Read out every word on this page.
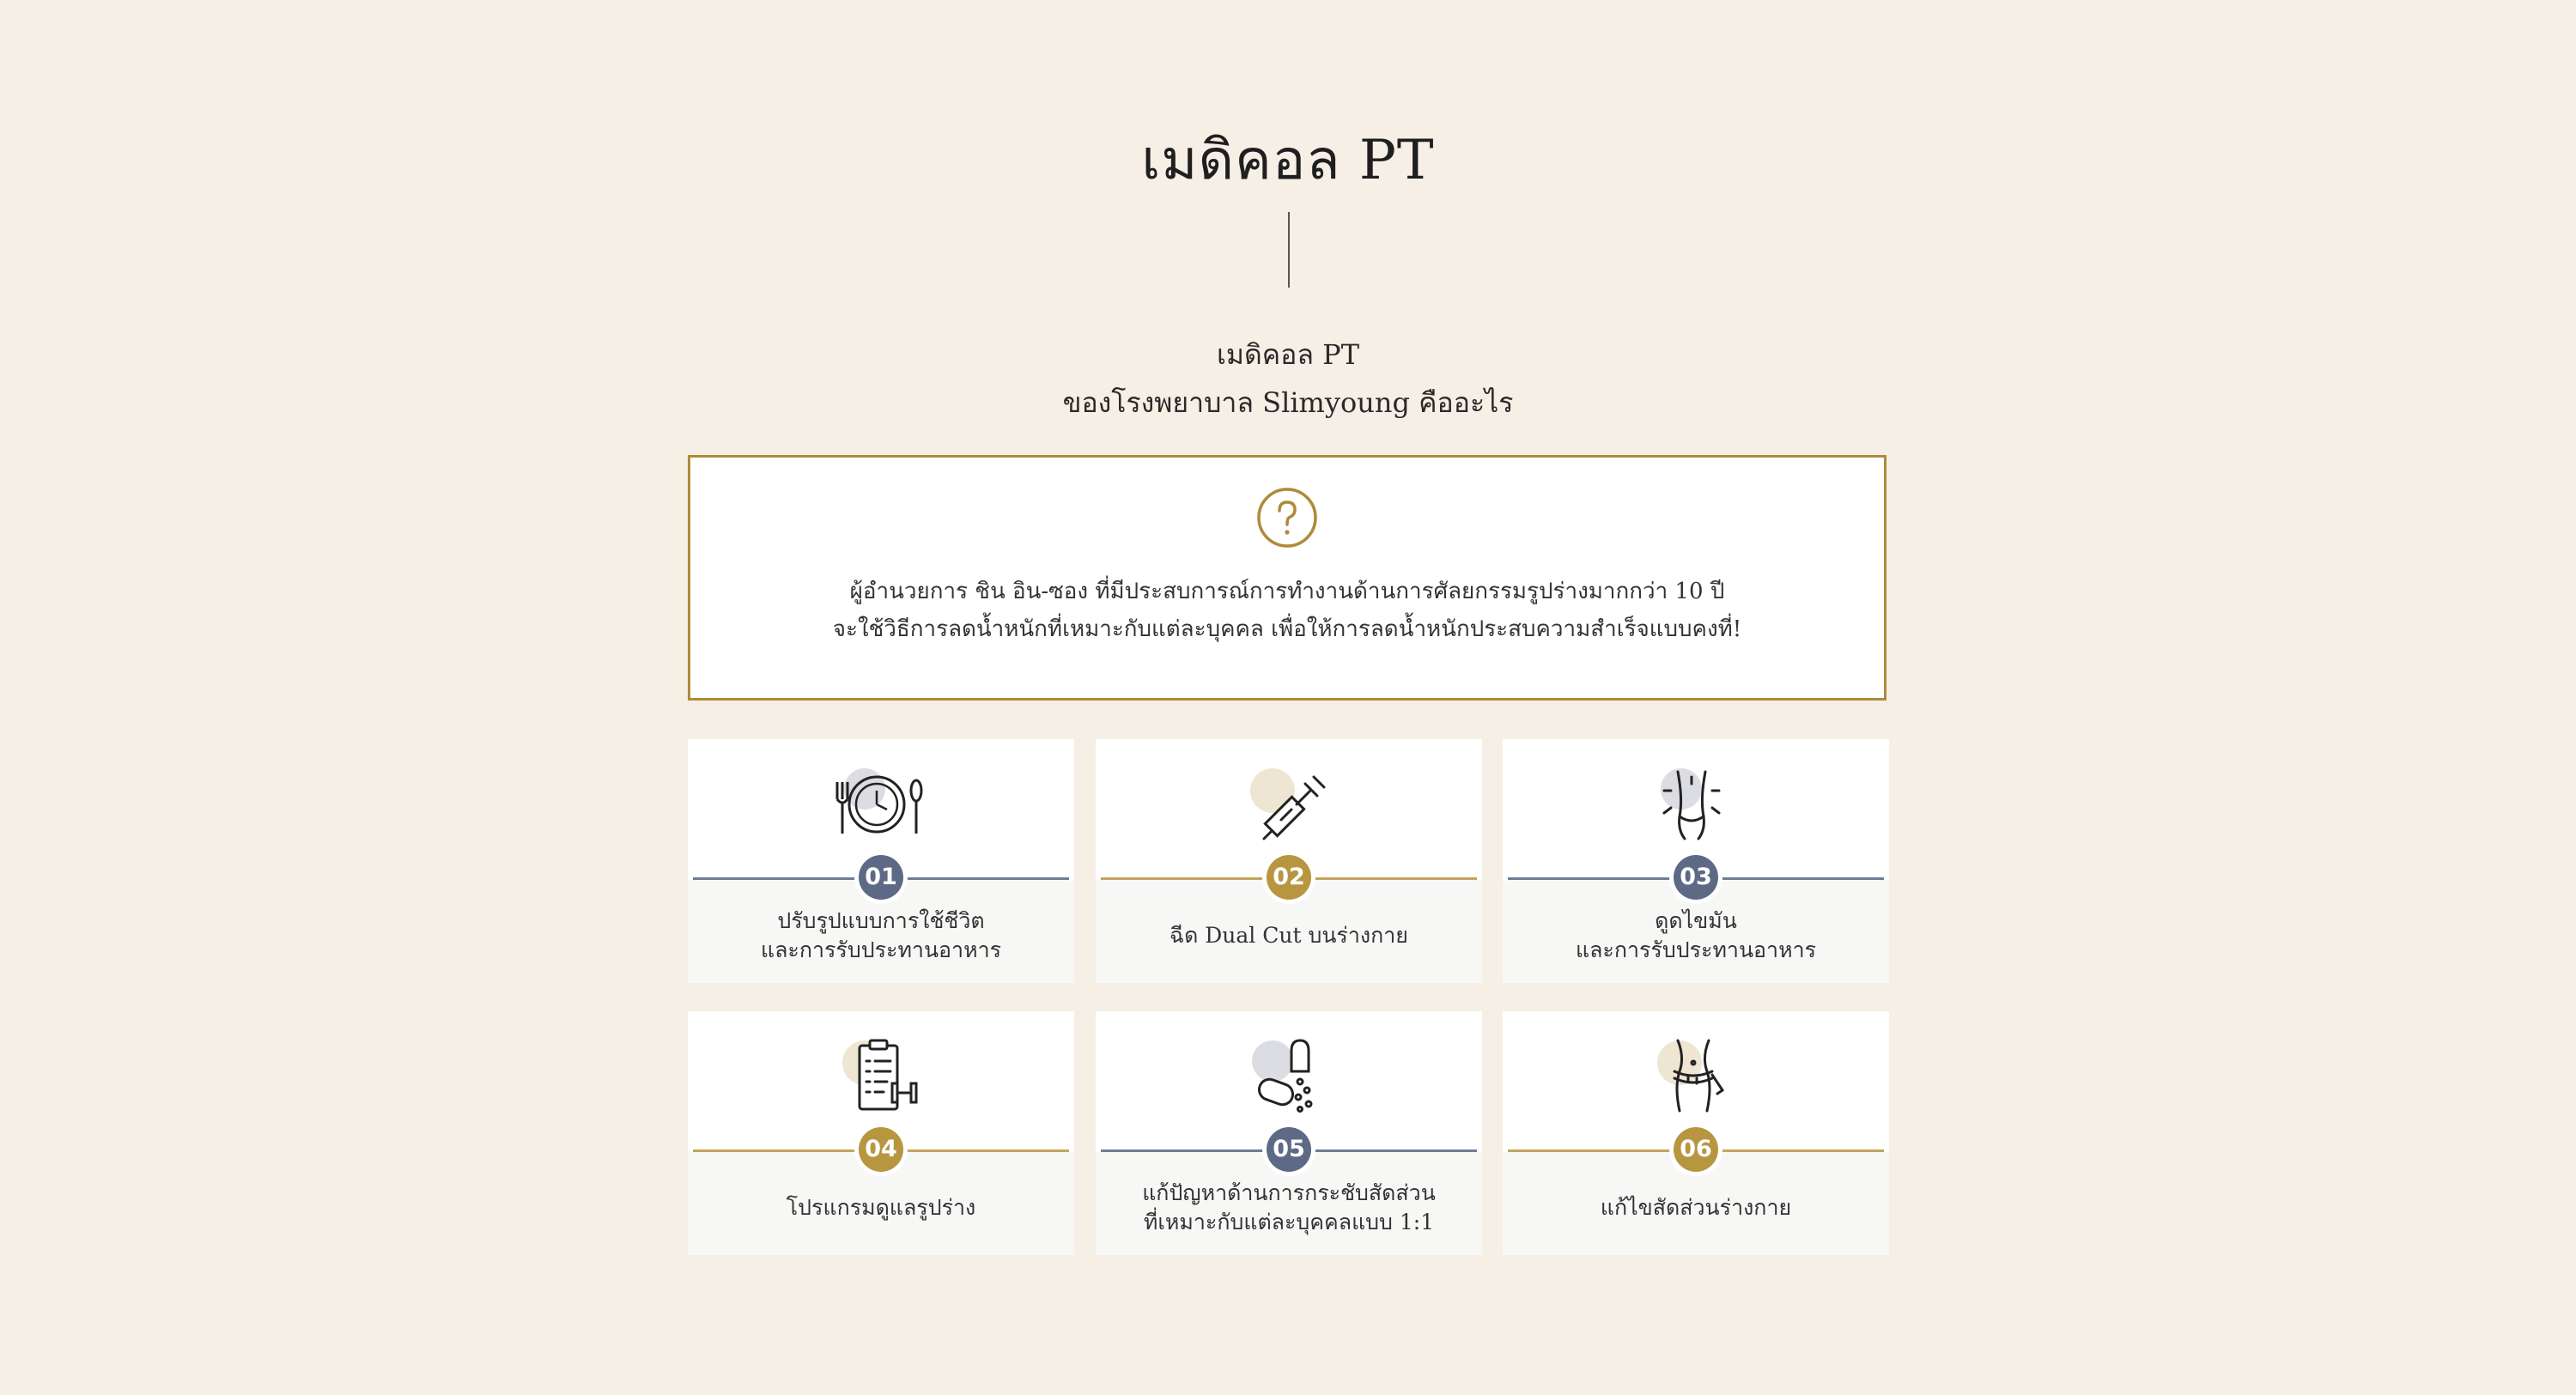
เมดิคอล PT
เมดิคอล PT
ของโรงพยาบาล Slimyoung คืออะไร
ผู้อำนวยการ ชิน อิน-ซอง ที่มีประสบการณ์การทำงานด้านการศัลยกรรมรูปร่างมากกว่า 10 ปี
จะใช้วิธีการลดน้ำหนักที่เหมาะกับแต่ละบุคคล เพื่อให้การลดน้ำหนักประสบความสำเร็จแบบคงที่!
01
ปรับรูปแบบการใช้ชีวิต
และการรับประทานอาหาร
02
ฉีด Dual Cut บนร่างกาย
03
ดูดไขมัน
และการรับประทานอาหาร
04
โปรแกรมดูแลรูปร่าง
05
แก้ปัญหาด้านการกระชับสัดส่วน
ที่เหมาะกับแต่ละบุคคลแบบ 1:1
06
แก้ไขสัดส่วนร่างกาย
